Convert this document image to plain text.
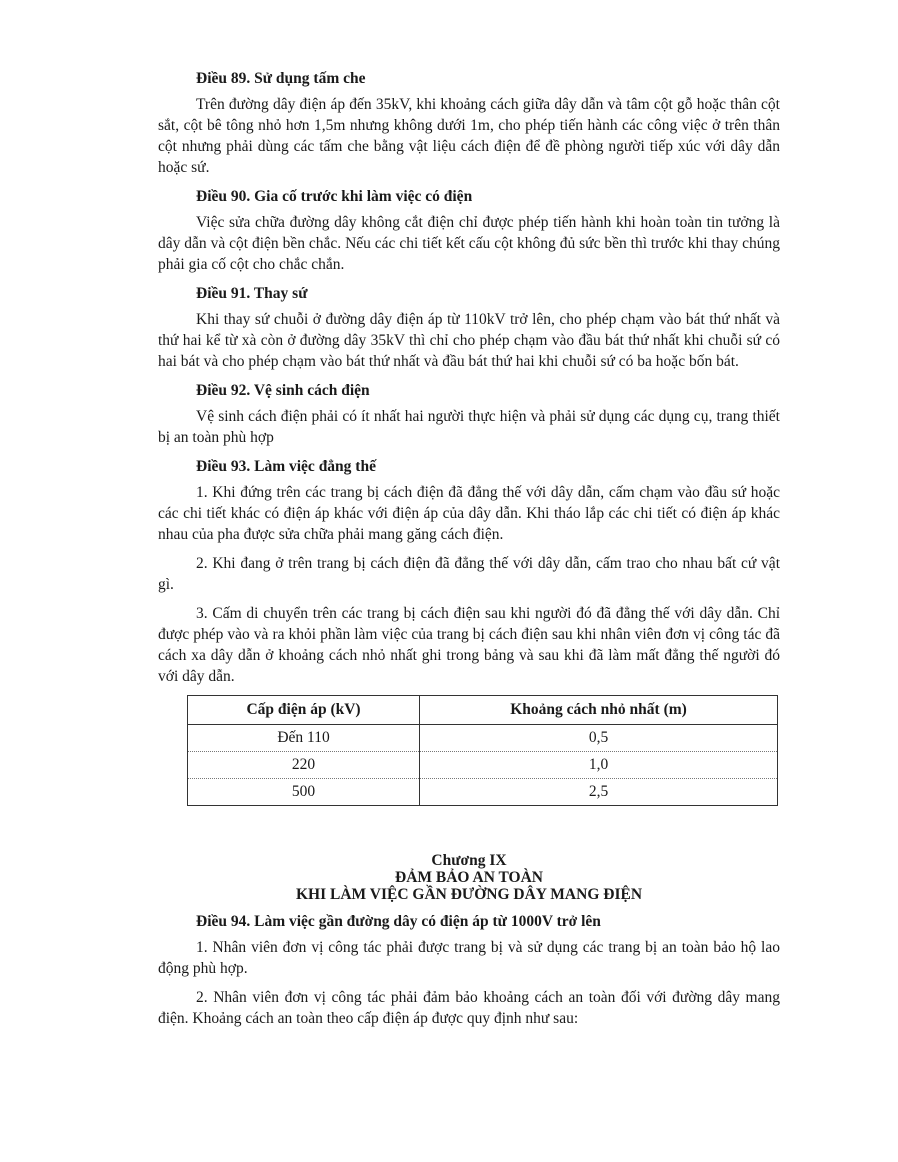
Điều 89. Sử dụng tấm che

Trên đường dây điện áp đến 35kV, khi khoảng cách giữa dây dẫn và tâm cột gỗ hoặc thân cột sắt, cột bê tông nhỏ hơn 1,5m nhưng không dưới 1m, cho phép tiến hành các công việc ở trên thân cột nhưng phải dùng các tấm che bằng vật liệu cách điện để đề phòng người tiếp xúc với dây dẫn hoặc sứ.

Điều 90. Gia cố trước khi làm việc có điện

Việc sửa chữa đường dây không cắt điện chỉ được phép tiến hành khi hoàn toàn tin tưởng là dây dẫn và cột điện bền chắc. Nếu các chi tiết kết cấu cột không đủ sức bền thì trước khi thay chúng phải gia cố cột cho chắc chắn.

Điều 91. Thay sứ

Khi thay sứ chuỗi ở đường dây điện áp từ 110kV trở lên, cho phép chạm vào bát thứ nhất và thứ hai kể từ xà còn ở đường dây 35kV thì chỉ cho phép chạm vào đầu bát thứ nhất khi chuỗi sứ có hai bát và cho phép chạm vào bát thứ nhất và đầu bát thứ hai khi chuỗi sứ có ba hoặc bốn bát.

Điều 92. Vệ sinh cách điện

Vệ sinh cách điện phải có ít nhất hai người thực hiện và phải sử dụng các dụng cụ, trang thiết bị an toàn phù hợp

Điều 93. Làm việc đẳng thế

1. Khi đứng trên các trang bị cách điện đã đẳng thế với dây dẫn, cấm chạm vào đầu sứ hoặc các chi tiết khác có điện áp khác với điện áp của dây dẫn. Khi tháo lắp các chi tiết có điện áp khác nhau của pha được sửa chữa phải mang găng cách điện.

2. Khi đang ở trên trang bị cách điện đã đẳng thế với dây dẫn, cấm trao cho nhau bất cứ vật gì.

3. Cấm di chuyển trên các trang bị cách điện sau khi người đó đã đẳng thế với dây dẫn. Chỉ được phép vào và ra khỏi phần làm việc của trang bị cách điện sau khi nhân viên đơn vị công tác đã cách xa dây dẫn ở khoảng cách nhỏ nhất ghi trong bảng và sau khi đã làm mất đẳng thế người đó với dây dẫn.

Cấp điện áp (kV)	Khoảng cách nhỏ nhất (m)
Đến 110	0,5
220	1,0
500	2,5
Chương IX
ĐẢM BẢO AN TOÀN
KHI LÀM VIỆC GẦN ĐƯỜNG DÂY MANG ĐIỆN

Điều 94. Làm việc gần đường dây có điện áp từ 1000V trở lên

1. Nhân viên đơn vị công tác phải được trang bị và sử dụng các trang bị an toàn bảo hộ lao động phù hợp.

2. Nhân viên đơn vị công tác phải đảm bảo khoảng cách an toàn đối với đường dây mang điện. Khoảng cách an toàn theo cấp điện áp được quy định như sau:
